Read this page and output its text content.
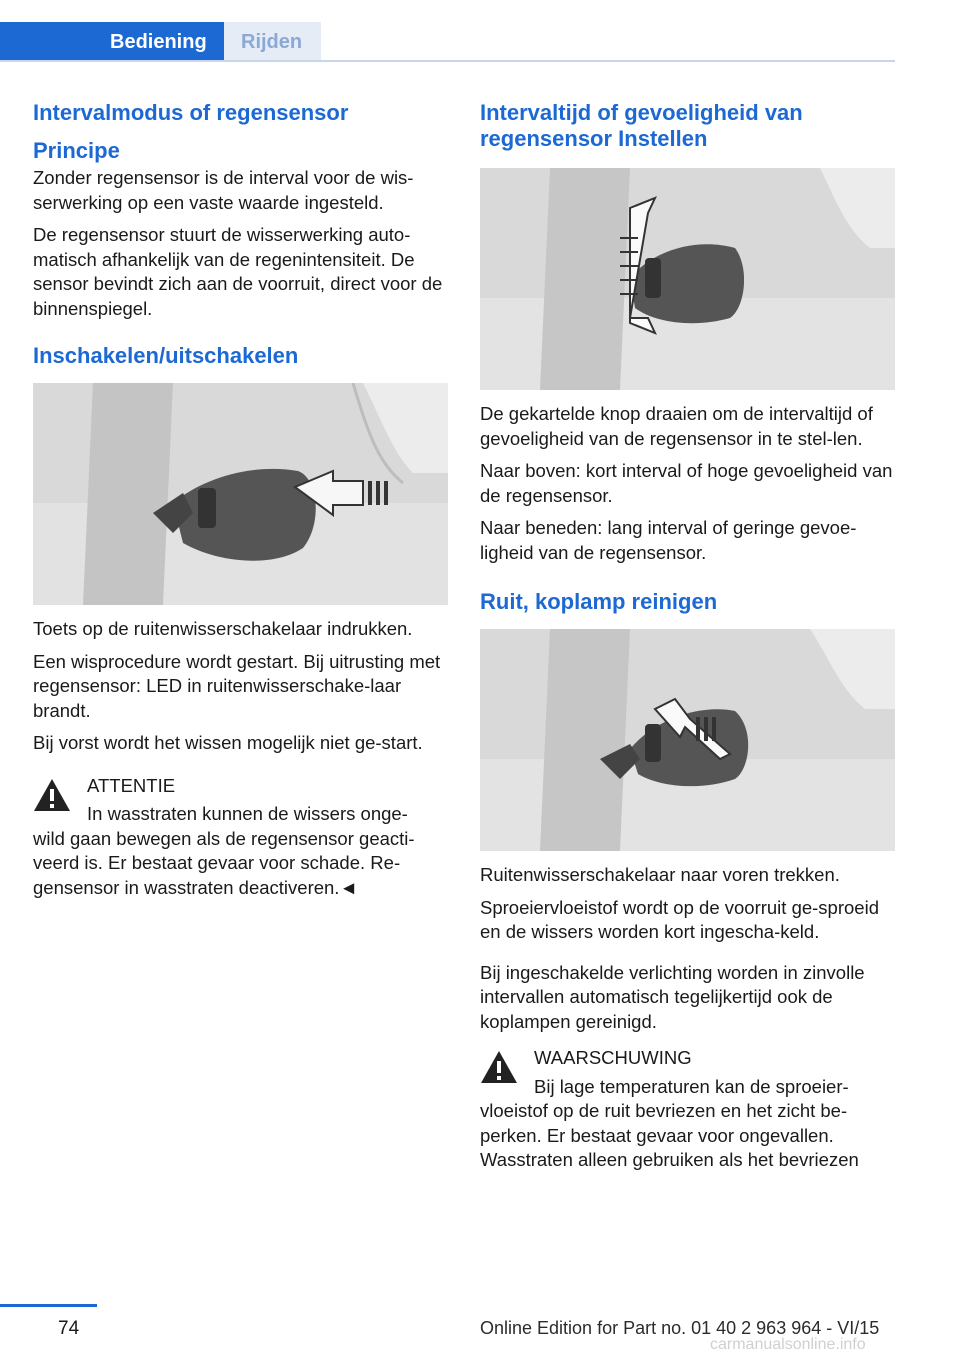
Bediening	Rijden
Intervalmodus of regensensor
Principe

Zonder regensensor is de interval voor de wis-serwerking op een vaste waarde ingesteld.

De regensensor stuurt de wisserwerking auto-matisch afhankelijk van de regenintensiteit. De sensor bevindt zich aan de voorruit, direct voor de binnenspiegel.

Inschakelen/uitschakelen

Toets op de ruitenwisserschakelaar indrukken.

Een wisprocedure wordt gestart. Bij uitrusting met regensensor: LED in ruitenwisserschake-laar brandt.

Bij vorst wordt het wissen mogelijk niet ge-start.

ATTENTIE
In wasstraten kunnen de wissers onge-
wild gaan bewegen als de regensensor geacti-veerd is. Er bestaat gevaar voor schade. Re-gensensor in wasstraten deactiveren.◄
Intervaltijd of gevoeligheid van regensensor Instellen

De gekartelde knop draaien om de intervaltijd of gevoeligheid van de regensensor in te stel-len.

Naar boven: kort interval of hoge gevoeligheid van de regensensor.

Naar beneden: lang interval of geringe gevoe-ligheid van de regensensor.

Ruit, koplamp reinigen

Ruitenwisserschakelaar naar voren trekken.

Sproeiervloeistof wordt op de voorruit ge-sproeid en de wissers worden kort ingescha-keld.

Bij ingeschakelde verlichting worden in zinvolle intervallen automatisch tegelijkertijd ook de koplampen gereinigd.

WAARSCHUWING
Bij lage temperaturen kan de sproeier-
vloeistof op de ruit bevriezen en het zicht be-perken. Er bestaat gevaar voor ongevallen. Wasstraten alleen gebruiken als het bevriezen
74	Online Edition for Part no. 01 40 2 963 964 - VI/15
carmanualsonline.info
